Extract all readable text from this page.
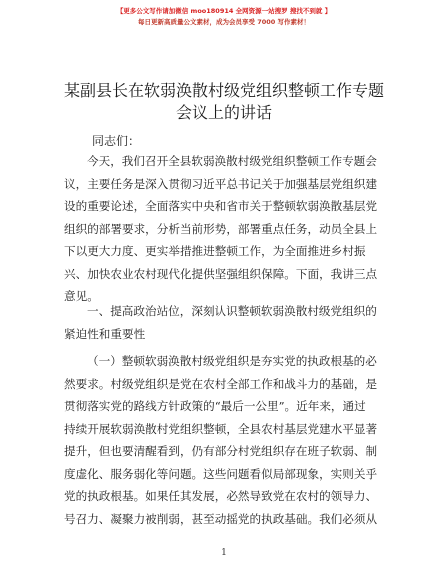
【更多公文写作请加微信 moo180914 全网资源一站搜罗 搜找不到就 】
每日更新高质量公文素材，成为会员享受 7000 写作素材！
某副县长在软弱涣散村级党组织整顿工作专题
会议上的讲话
同志们：
今天，我们召开全县软弱涣散村级党组织整顿工作专题会
议，主要任务是深入贯彻习近平总书记关于加强基层党组织建
设的重要论述，全面落实中央和省市关于整顿软弱涣散基层党
组织的部署要求，分析当前形势，部署重点任务，动员全县上
下以更大力度、更实举措推进整顿工作，为全面推进乡村振
兴、加快农业农村现代化提供坚强组织保障。下面，我讲三点
意见。
一、提高政治站位，深刻认识整顿软弱涣散村级党组织的
紧迫性和重要性
（一）整顿软弱涣散村级党组织是夯实党的执政根基的必
然要求。村级党组织是党在农村全部工作和战斗力的基础，是
贯彻落实党的路线方针政策的“最后一公里”。近年来，通过
持续开展软弱涣散村党组织整顿，全县农村基层党建水平显著
提升，但也要清醒看到，仍有部分村党组织存在班子软弱、制
度虚化、服务弱化等问题。这些问题看似局部现象，实则关乎
党的执政根基。如果任其发展，必然导致党在农村的领导力、
号召力、凝聚力被削弱，甚至动摇党的执政基础。我们必须从
1
